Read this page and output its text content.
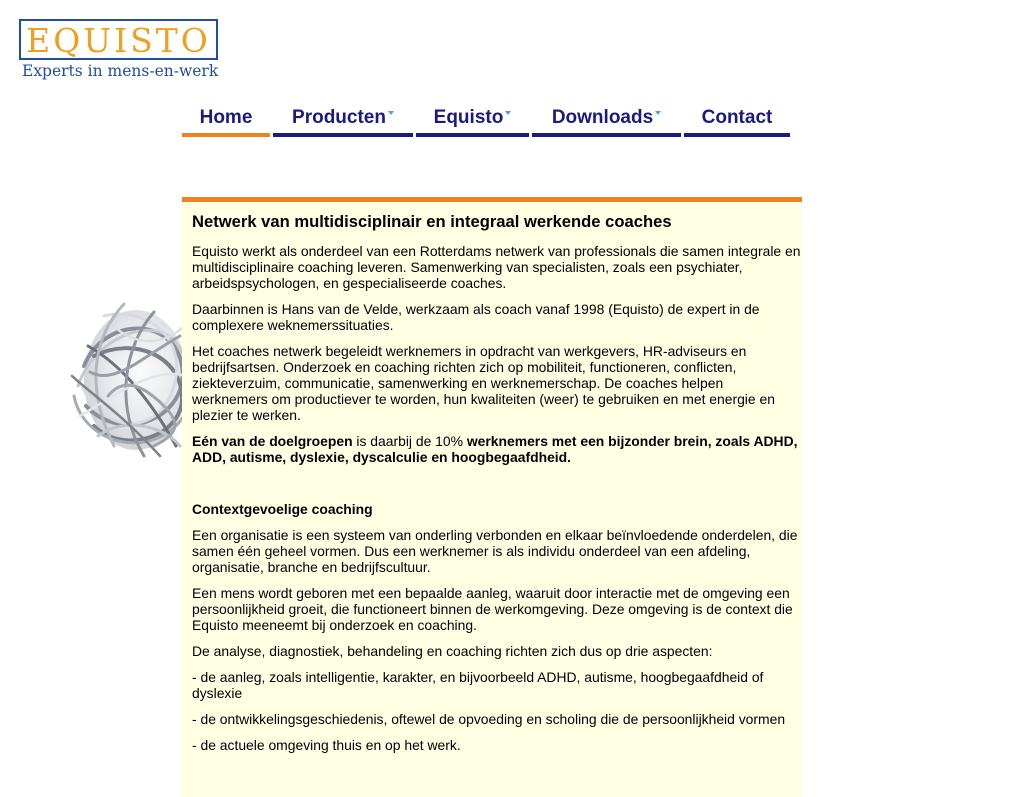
EQUISTO
Experts in mens-en-werk
Home Producten	Equisto	Downloads	Contact
Netwerk van multidisciplinair en integraal werkende coaches

Equisto werkt als onderdeel van een Rotterdams netwerk van professionals die samen integrale en multidisciplinaire coaching leveren. Samenwerking van specialisten, zoals een psychiater, arbeidspsychologen, en gespecialiseerde coaches.

Daarbinnen is Hans van de Velde, werkzaam als coach vanaf 1998 (Equisto) de expert in de complexere weknemerssituaties.

Het coaches netwerk begeleidt werknemers in opdracht van werkgevers, HR-adviseurs en bedrijfsartsen. Onderzoek en coaching richten zich op mobiliteit, functioneren, conflicten, ziekteverzuim, communicatie, samenwerking en werknemerschap. De coaches helpen werknemers om productiever te worden, hun kwaliteiten (weer) te gebruiken en met energie en plezier te werken.

Eén van de doelgroepen is daarbij de 10% werknemers met een bijzonder brein, zoals ADHD, ADD, autisme, dyslexie, dyscalculie en hoogbegaafdheid.

Contextgevoelige coaching

Een organisatie is een systeem van onderling verbonden en elkaar beïnvloedende onderdelen, die samen één geheel vormen. Dus een werknemer is als individu onderdeel van een afdeling, organisatie, branche en bedrijfscultuur.

Een mens wordt geboren met een bepaalde aanleg, waaruit door interactie met de omgeving een persoonlijkheid groeit, die functioneert binnen de werkomgeving. Deze omgeving is de context die Equisto meeneemt bij onderzoek en coaching.

De analyse, diagnostiek, behandeling en coaching richten zich dus op drie aspecten:

- de aanleg, zoals intelligentie, karakter, en bijvoorbeeld ADHD, autisme, hoogbegaafdheid of dyslexie

- de ontwikkelingsgeschiedenis, oftewel de opvoeding en scholing die de persoonlijkheid vormen

- de actuele omgeving thuis en op het werk.
